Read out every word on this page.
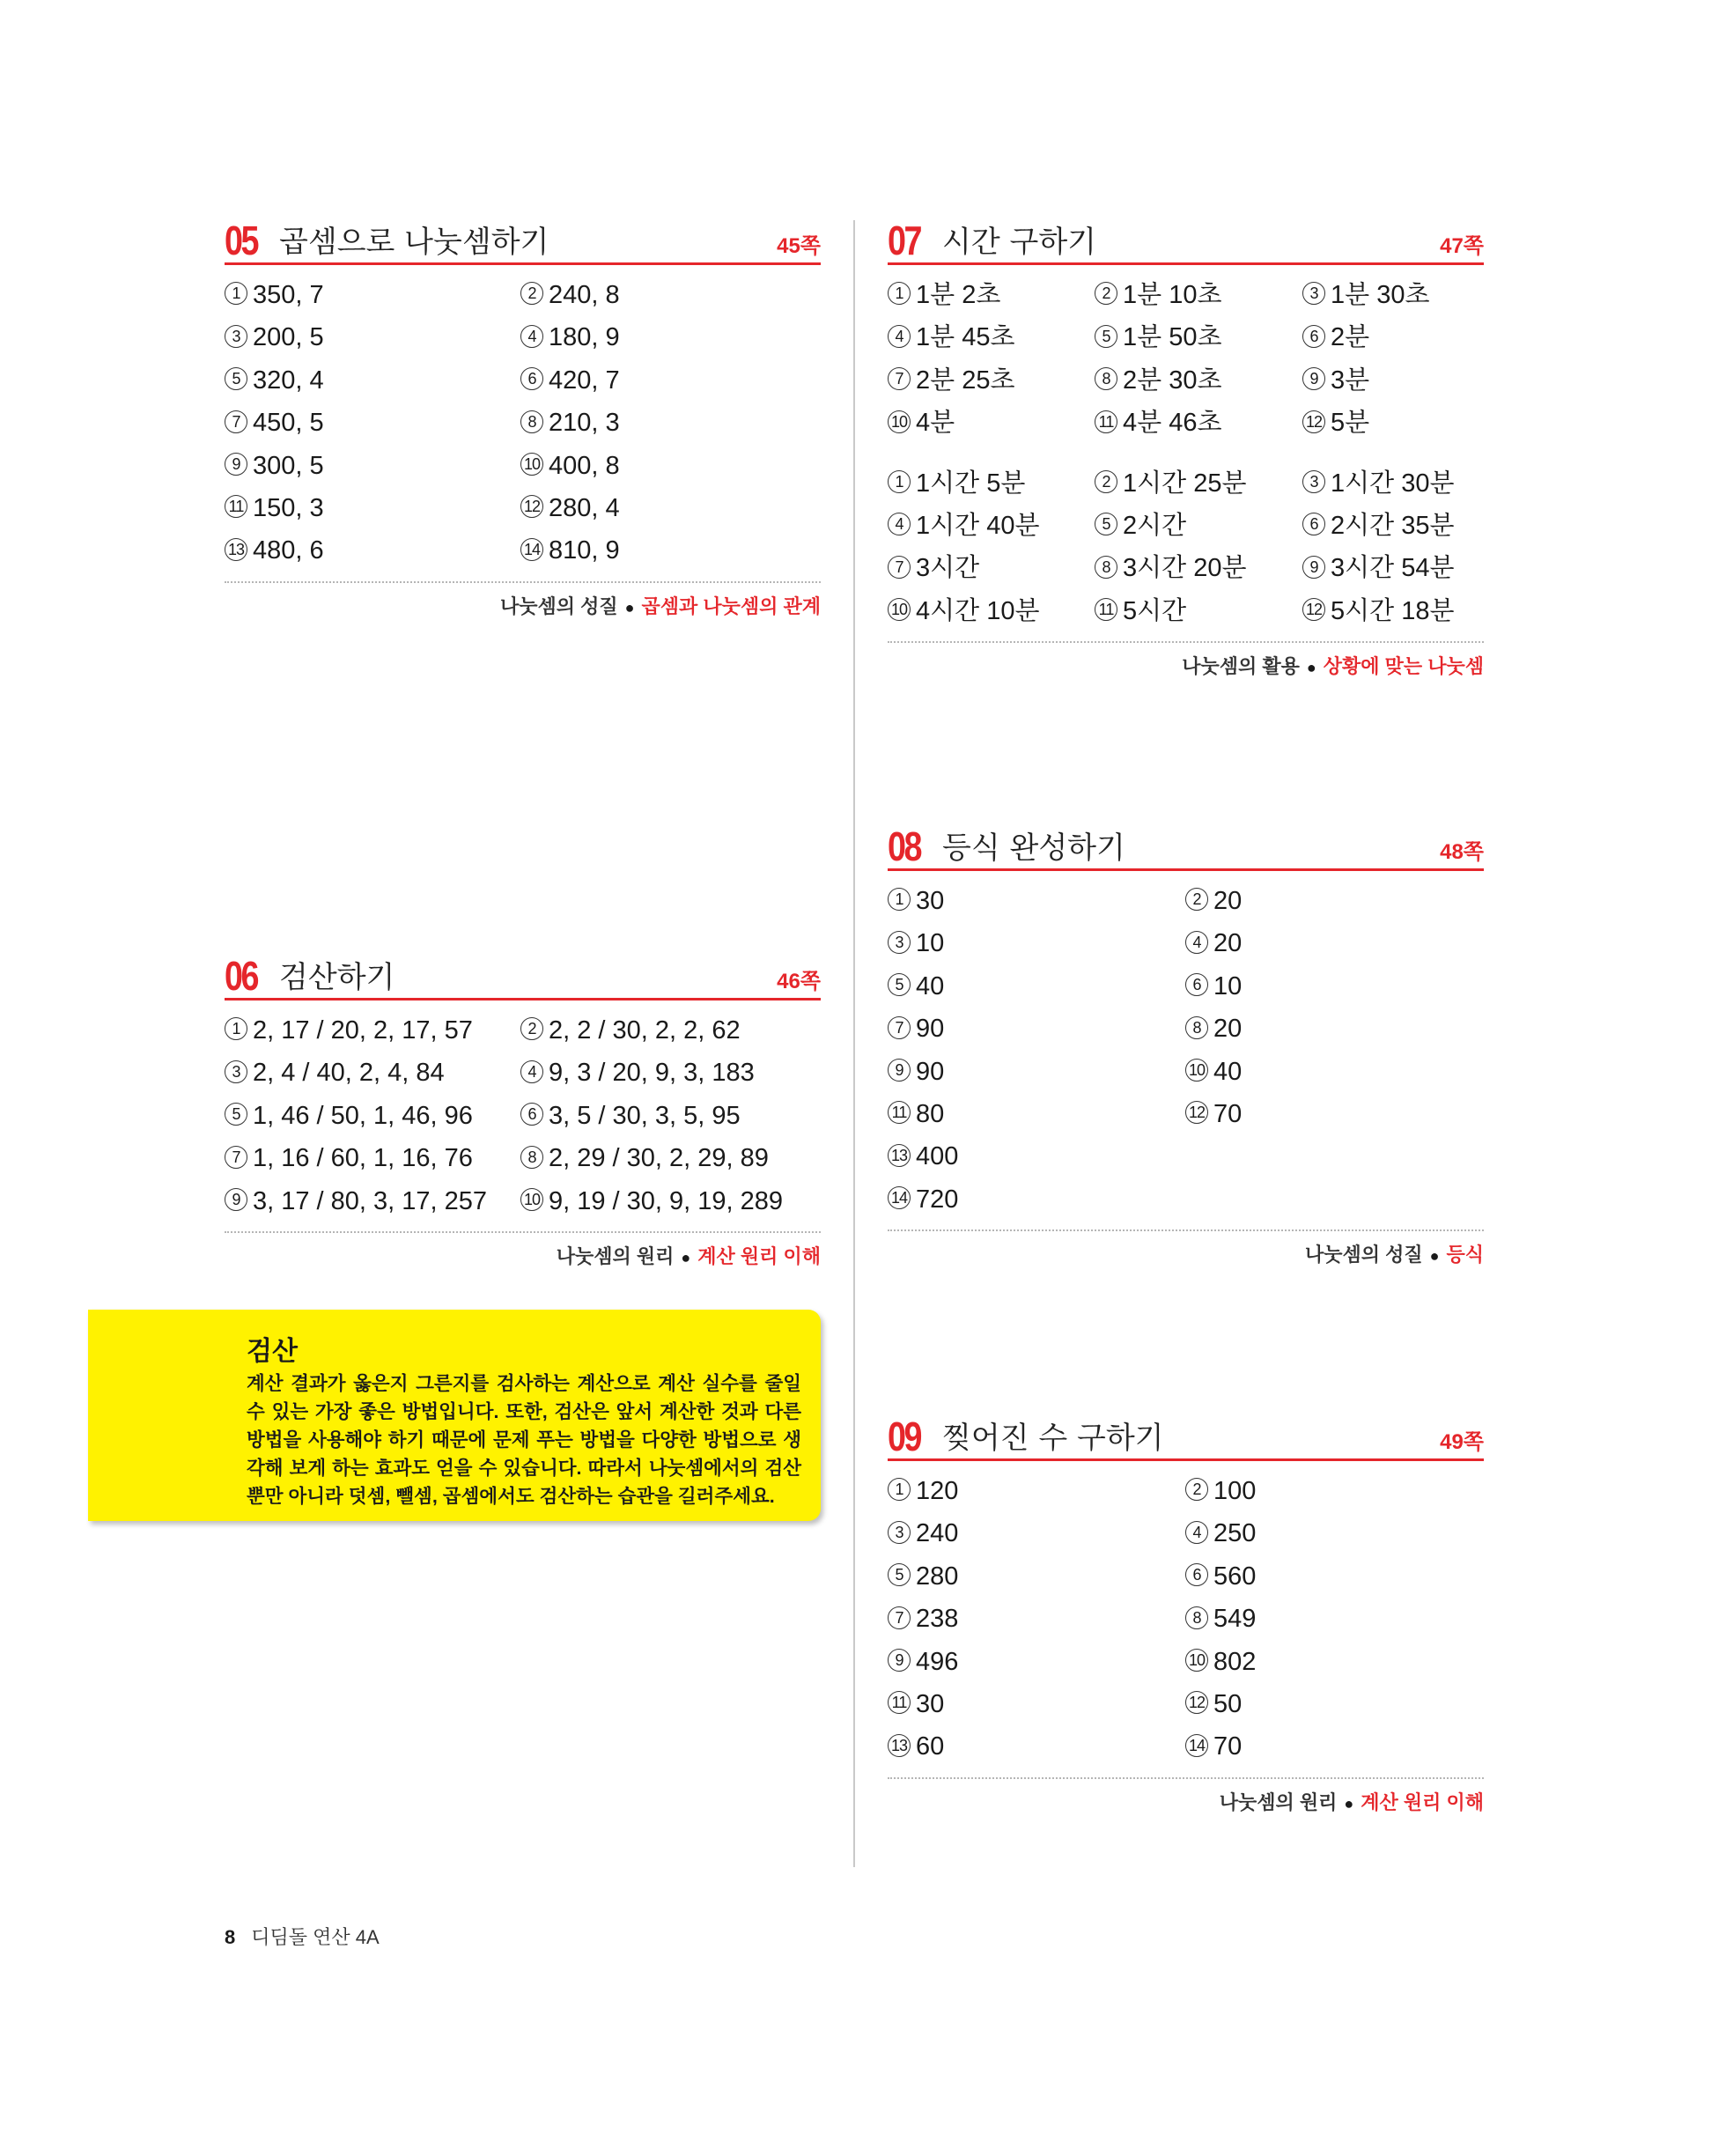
05 곱셈으로 나눗셈하기	45쪽
1 350, 7	2 240, 8
3 200, 5	4 180, 9
5 320, 4	6 420, 7
7 450, 5	8 210, 3
9 300, 5	10 400, 8
11 150, 3	12 280, 4
13 480, 6	14 810, 9
나눗셈의 성질 ● 곱셈과 나눗셈의 관계
06 검산하기	46쪽
1 2, 17 / 20, 2, 17, 57	2 2, 2 / 30, 2, 2, 62
3 2, 4 / 40, 2, 4, 84	4 9, 3 / 20, 9, 3, 183
5 1, 46 / 50, 1, 46, 96	6 3, 5 / 30, 3, 5, 95
7 1, 16 / 60, 1, 16, 76	8 2, 29 / 30, 2, 29, 89
9 3, 17 / 80, 3, 17, 257	10 9, 19 / 30, 9, 19, 289
나눗셈의 원리 ● 계산 원리 이해
검산
계산 결과가 옳은지 그른지를 검사하는 계산으로 계산 실수를 줄일 수 있는 가장 좋은 방법입니다. 또한, 검산은 앞서 계산한 것과 다른 방법을 사용해야 하기 때문에 문제 푸는 방법을 다양한 방법으로 생각해 보게 하는 효과도 얻을 수 있습니다. 따라서 나눗셈에서의 검산 뿐만 아니라 덧셈, 뺄셈, 곱셈에서도 검산하는 습관을 길러주세요.
07 시간 구하기	47쪽
1 1분 2초	2 1분 10초	3 1분 30초
4 1분 45초	5 1분 50초	6 2분
7 2분 25초	8 2분 30초	9 3분
10 4분	11 4분 46초	12 5분
1 1시간 5분	2 1시간 25분	3 1시간 30분
4 1시간 40분	5 2시간	6 2시간 35분
7 3시간	8 3시간 20분	9 3시간 54분
10 4시간 10분	11 5시간	12 5시간 18분
나눗셈의 활용 ● 상황에 맞는 나눗셈
08 등식 완성하기	48쪽
1 30	2 20
3 10	4 20
5 40	6 10
7 90	8 20
9 90	10 40
11 80	12 70
13 400
14 720
나눗셈의 성질 ● 등식
09 찢어진 수 구하기	49쪽
1 120	2 100
3 240	4 250
5 280	6 560
7 238	8 549
9 496	10 802
11 30	12 50
13 60	14 70
나눗셈의 원리 ● 계산 원리 이해
8 디딤돌 연산 4A
